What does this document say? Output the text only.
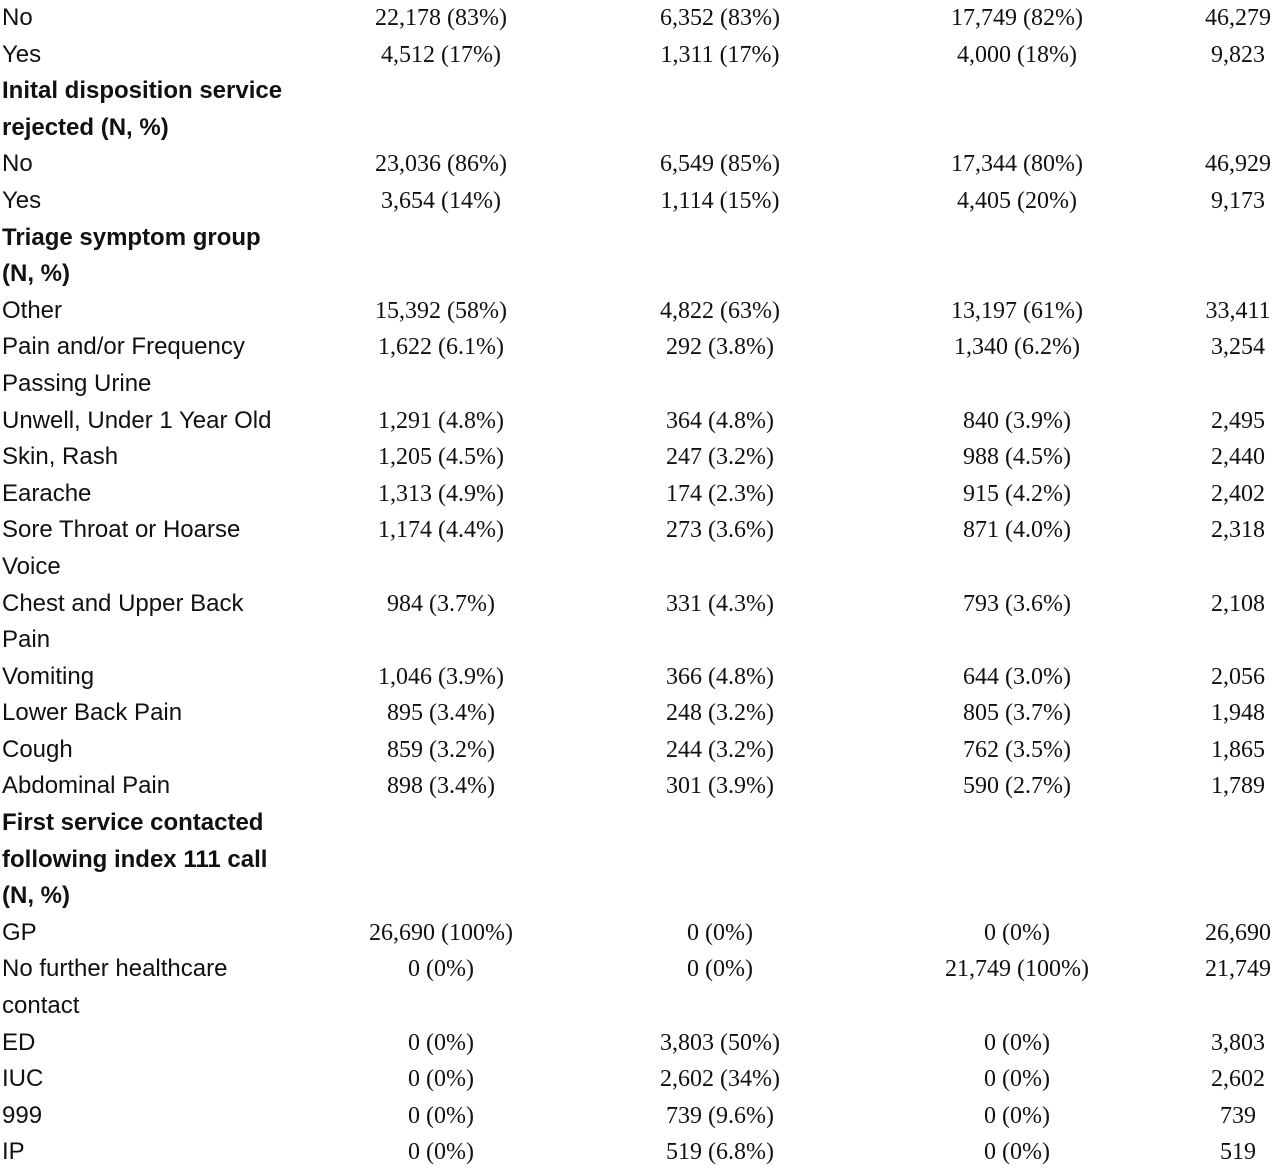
No	22,178 (83%)	6,352 (83%)	17,749 (82%)	46,279
Yes	4,512 (17%)	1,311 (17%)	4,000 (18%)	9,823
Inital disposition service
rejected (N, %)
No	23,036 (86%)	6,549 (85%)	17,344 (80%)	46,929
Yes	3,654 (14%)	1,114 (15%)	4,405 (20%)	9,173
Triage symptom group
(N, %)
Other	15,392 (58%)	4,822 (63%)	13,197 (61%)	33,411
Pain and/or Frequency	1,622 (6.1%)	292 (3.8%)	1,340 (6.2%)	3,254
Passing Urine
Unwell, Under 1 Year Old	1,291 (4.8%)	364 (4.8%)	840 (3.9%)	2,495
Skin, Rash	1,205 (4.5%)	247 (3.2%)	988 (4.5%)	2,440
Earache	1,313 (4.9%)	174 (2.3%)	915 (4.2%)	2,402
Sore Throat or Hoarse	1,174 (4.4%)	273 (3.6%)	871 (4.0%)	2,318
Voice
Chest and Upper Back	984 (3.7%)	331 (4.3%)	793 (3.6%)	2,108
Pain
Vomiting	1,046 (3.9%)	366 (4.8%)	644 (3.0%)	2,056
Lower Back Pain	895 (3.4%)	248 (3.2%)	805 (3.7%)	1,948
Cough	859 (3.2%)	244 (3.2%)	762 (3.5%)	1,865
Abdominal Pain	898 (3.4%)	301 (3.9%)	590 (2.7%)	1,789
First service contacted
following index 111 call
(N, %)
GP	26,690 (100%)	0 (0%)	0 (0%)	26,690
No further healthcare	0 (0%)	0 (0%)	21,749 (100%)	21,749
contact
ED	0 (0%)	3,803 (50%)	0 (0%)	3,803
IUC	0 (0%)	2,602 (34%)	0 (0%)	2,602
999	0 (0%)	739 (9.6%)	0 (0%)	739
IP	0 (0%)	519 (6.8%)	0 (0%)	519
